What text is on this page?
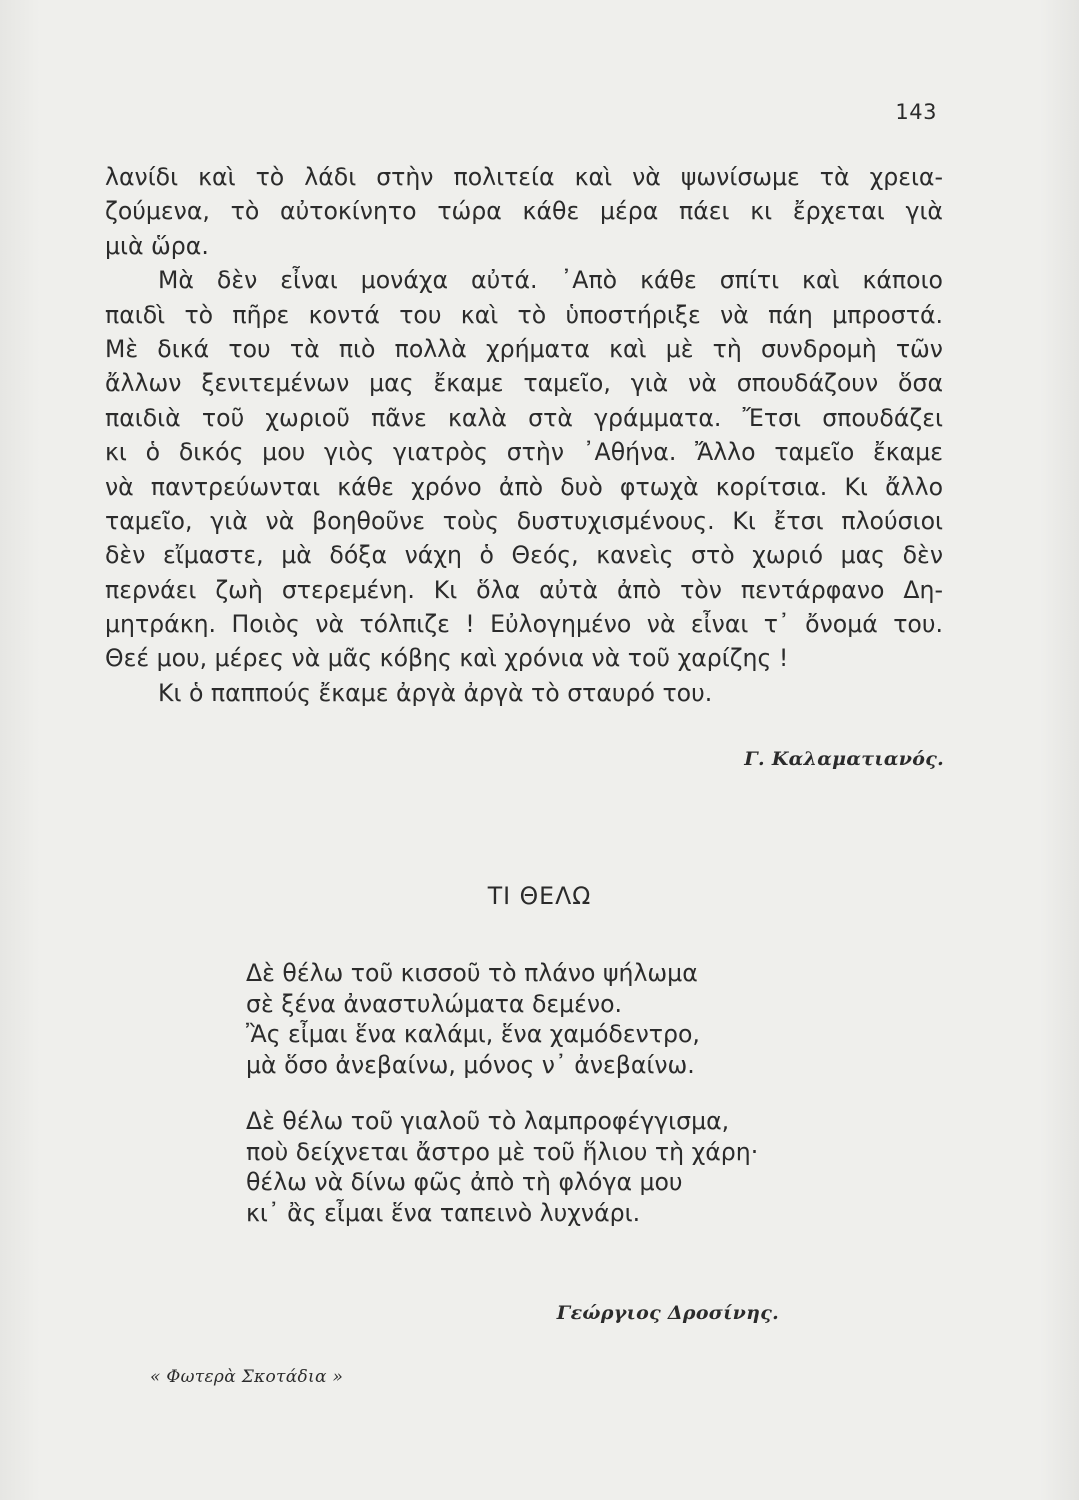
143
λανίδι καὶ τὸ λάδι στὴν πολιτεία καὶ νὰ ψωνίσωμε τὰ χρεια-
ζούμενα, τὸ αὐτοκίνητο τώρα κάθε μέρα πάει κι ἔρχεται γιὰ
μιὰ ὥρα.
Μὰ δὲν εἶναι μονάχα αὐτά. ᾽Απὸ κάθε σπίτι καὶ κάποιο
παιδὶ τὸ πῆρε κοντά του καὶ τὸ ὑποστήριξε νὰ πάη μπροστά.
Μὲ δικά του τὰ πιὸ πολλὰ χρήματα καὶ μὲ τὴ συνδρομὴ τῶν
ἄλλων ξενιτεμένων μας ἔκαμε ταμεῖο, γιὰ νὰ σπουδάζουν ὅσα
παιδιὰ τοῦ χωριοῦ πᾶνε καλὰ στὰ γράμματα. Ἔτσι σπουδάζει
κι ὁ δικός μου γιὸς γιατρὸς στὴν ᾽Αθήνα. Ἄλλο ταμεῖο ἔκαμε
νὰ παντρεύωνται κάθε χρόνο ἀπὸ δυὸ φτωχὰ κορίτσια. Κι ἄλλο
ταμεῖο, γιὰ νὰ βοηθοῦνε τοὺς δυστυχισμένους. Κι ἔτσι πλούσιοι
δὲν εἴμαστε, μὰ δόξα νάχη ὁ Θεός, κανεὶς στὸ χωριό μας δὲν
περνάει ζωὴ στερεμένη. Κι ὅλα αὐτὰ ἀπὸ τὸν πεντάρφανο Δη-
μητράκη. Ποιὸς νὰ τόλπιζε ! Εὐλογημένο νὰ εἶναι τ᾽ ὄνομά του.
Θεέ μου, μέρες νὰ μᾶς κόβης καὶ χρόνια νὰ τοῦ χαρίζης !
Κι ὁ παππούς ἔκαμε ἀργὰ ἀργὰ τὸ σταυρό του.
Γ. Καλαματιανός.
ΤΙ ΘΕΛΩ
Δὲ θέλω τοῦ κισσοῦ τὸ πλάνο ψήλωμα
σὲ ξένα ἀναστυλώματα δεμένο.
Ἂς εἶμαι ἕνα καλάμι, ἕνα χαμόδεντρο,
μὰ ὅσο ἀνεβαίνω, μόνος ν᾽ ἀνεβαίνω.
Δὲ θέλω τοῦ γιαλοῦ τὸ λαμπροφέγγισμα,
ποὺ δείχνεται ἄστρο μὲ τοῦ ἥλιου τὴ χάρη·
θέλω νὰ δίνω φῶς ἀπὸ τὴ φλόγα μου
κι᾽ ἂς εἶμαι ἕνα ταπεινὸ λυχνάρι.
Γεώργιος Δροσίνης.
« Φωτερὰ Σκοτάδια »
